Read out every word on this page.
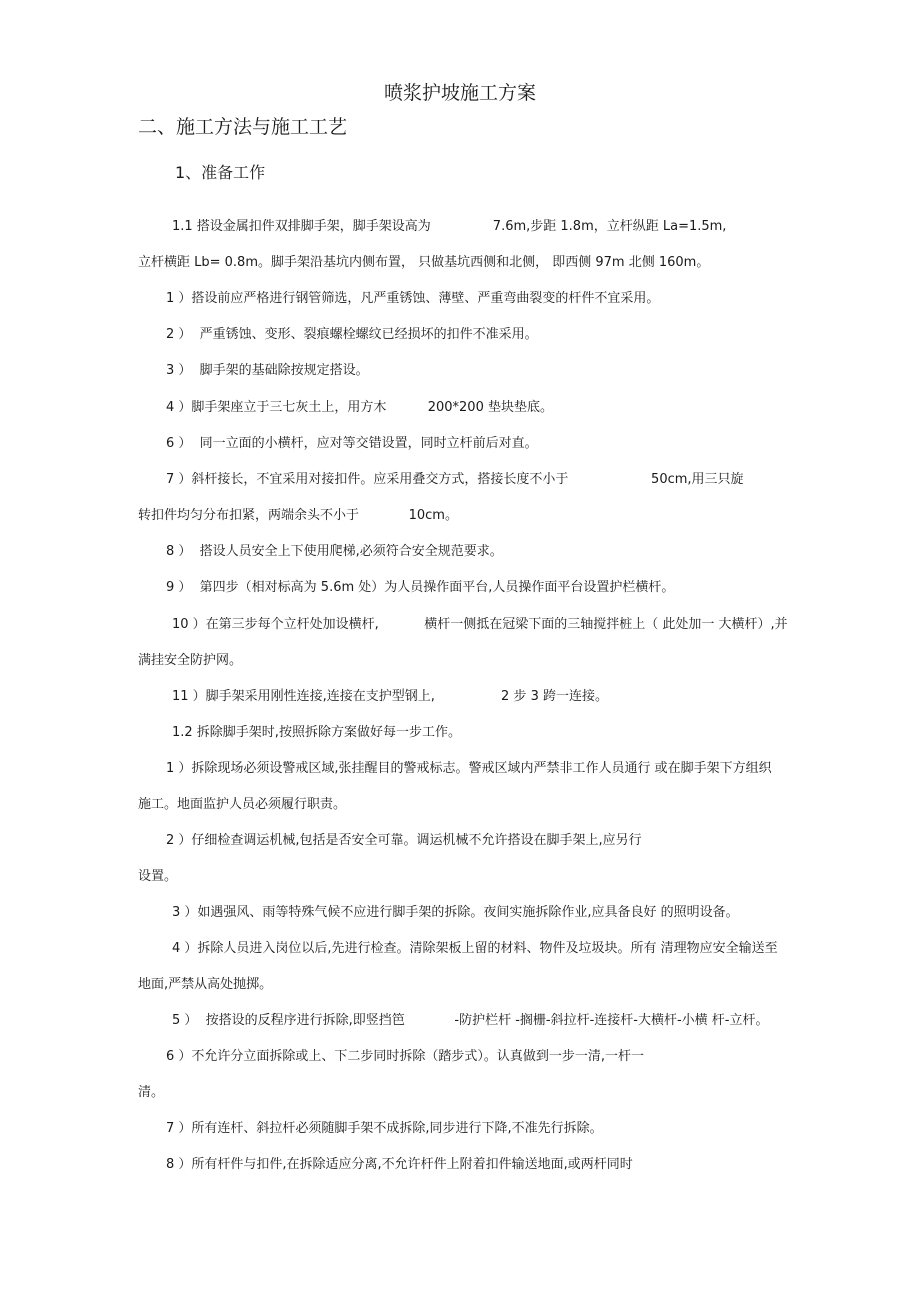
喷浆护坡施工方案
二、施工方法与施工工艺
1、准备工作
1.1 搭设金属扣件双排脚手架，脚手架设高为               7.6m,步距 1.8m，立杆纵距 La=1.5m,
立杆横距 Lb= 0.8m。脚手架沿基坑内侧布置， 只做基坑西侧和北侧， 即西侧 97m 北侧 160m。
1 ）搭设前应严格进行钢管筛选，凡严重锈蚀、薄壁、严重弯曲裂变的杆件不宜采用。
2 ）  严重锈蚀、变形、裂痕螺栓螺纹已经损坏的扣件不准采用。
3 ）  脚手架的基础除按规定搭设。
4 ）脚手架座立于三七灰土上，用方木          200*200 垫块垫底。
6 ）  同一立面的小横杆，应对等交错设置，同时立杆前后对直。
7 ）斜杆接长，不宜采用对接扣件。应采用叠交方式，搭接长度不小于                    50cm,用三只旋
转扣件均匀分布扣紧，两端余头不小于            10cm。
8 ）  搭设人员安全上下使用爬梯,必须符合安全规范要求。
9 ）  第四步（相对标高为 5.6m 处）为人员操作面平台,人员操作面平台设置护栏横杆。
10 ）在第三步每个立杆处加设横杆,           横杆一侧抵在冠梁下面的三轴搅拌桩上（ 此处加一 大横杆）,并
满挂安全防护网。
11 ）脚手架采用刚性连接,连接在支护型钢上,                2 步 3 跨一连接。
1.2 拆除脚手架时,按照拆除方案做好每一步工作。
1 ）拆除现场必须设警戒区域,张挂醒目的警戒标志。警戒区域内严禁非工作人员通行 或在脚手架下方组织
施工。地面监护人员必须履行职责。
2 ）仔细检查调运机械,包括是否安全可靠。调运机械不允许搭设在脚手架上,应另行
设置。
3 ）如遇强风、雨等特殊气候不应进行脚手架的拆除。夜间实施拆除作业,应具备良好 的照明设备。
4 ）拆除人员进入岗位以后,先进行检查。清除架板上留的材料、物件及垃圾块。所有 清理物应安全输送至
地面,严禁从高处抛掷。
5 ）  按搭设的反程序进行拆除,即竖挡笆            -防护栏杆 -搁栅-斜拉杆-连接杆-大横杆-小横 杆-立杆。
6 ）不允许分立面拆除或上、下二步同时拆除（踏步式）。认真做到一步一清,一杆一
清。
7 ）所有连杆、斜拉杆必须随脚手架不成拆除,同步进行下降,不准先行拆除。
8 ）所有杆件与扣件,在拆除适应分离,不允许杆件上附着扣件输送地面,或两杆同时
